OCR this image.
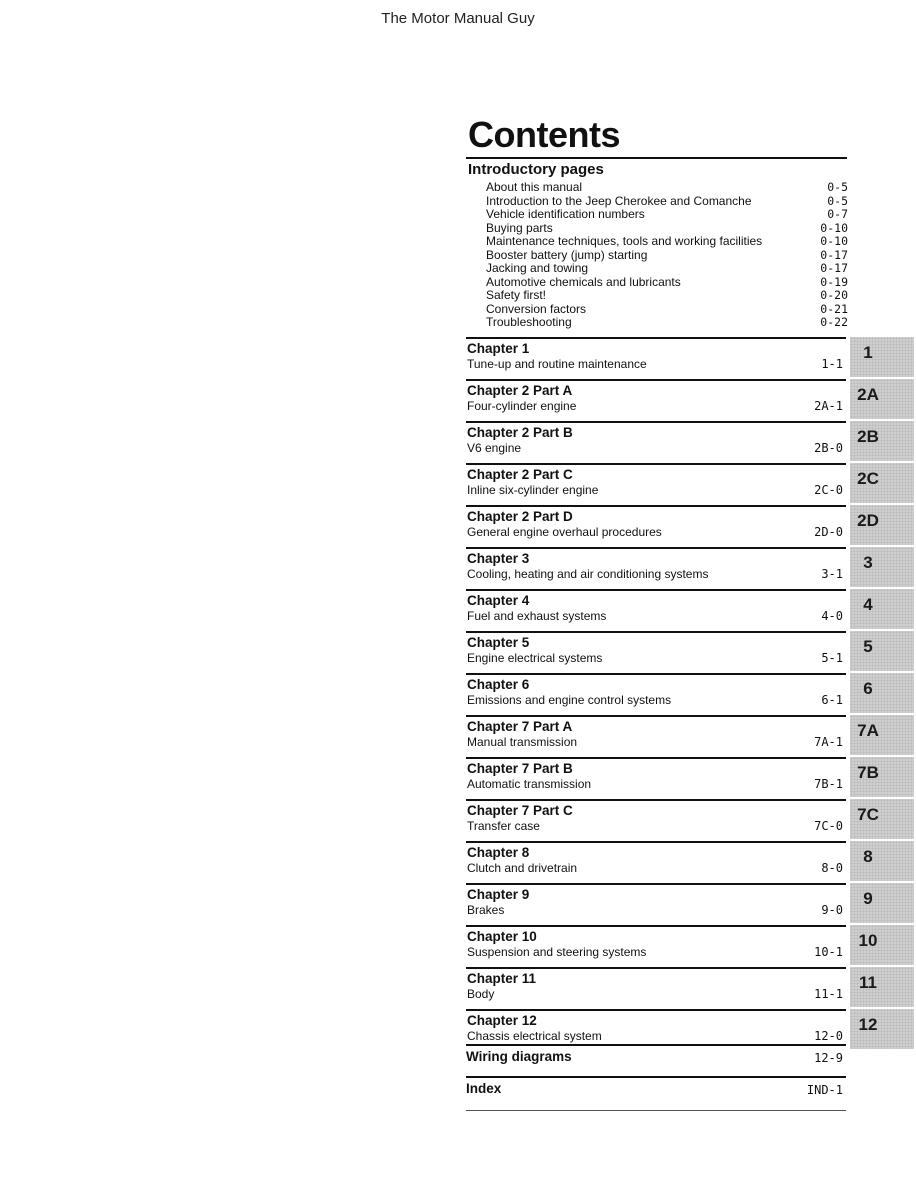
The Motor Manual Guy
Contents
Introductory pages
About this manual	0-5
Introduction to the Jeep Cherokee and Comanche	0-5
Vehicle identification numbers	0-7
Buying parts	0-10
Maintenance techniques, tools and working facilities	0-10
Booster battery (jump) starting	0-17
Jacking and towing	0-17
Automotive chemicals and lubricants	0-19
Safety first!	0-20
Conversion factors	0-21
Troubleshooting	0-22
Chapter 1
Tune-up and routine maintenance	1-1
1
Chapter 2 Part A
Four-cylinder engine	2A-1
2A
Chapter 2 Part B
V6 engine	2B-0
2B
Chapter 2 Part C
Inline six-cylinder engine	2C-0
2C
Chapter 2 Part D
General engine overhaul procedures	2D-0
2D
Chapter 3
Cooling, heating and air conditioning systems	3-1
3
Chapter 4
Fuel and exhaust systems	4-0
4
Chapter 5
Engine electrical systems	5-1
5
Chapter 6
Emissions and engine control systems	6-1
6
Chapter 7 Part A
Manual transmission	7A-1
7A
Chapter 7 Part B
Automatic transmission	7B-1
7B
Chapter 7 Part C
Transfer case	7C-0
7C
Chapter 8
Clutch and drivetrain	8-0
8
Chapter 9
Brakes	9-0
9
Chapter 10
Suspension and steering systems	10-1
10
Chapter 11
Body	11-1
11
Chapter 12
Chassis electrical system	12-0
12
Wiring diagrams	12-9
Index	IND-1
